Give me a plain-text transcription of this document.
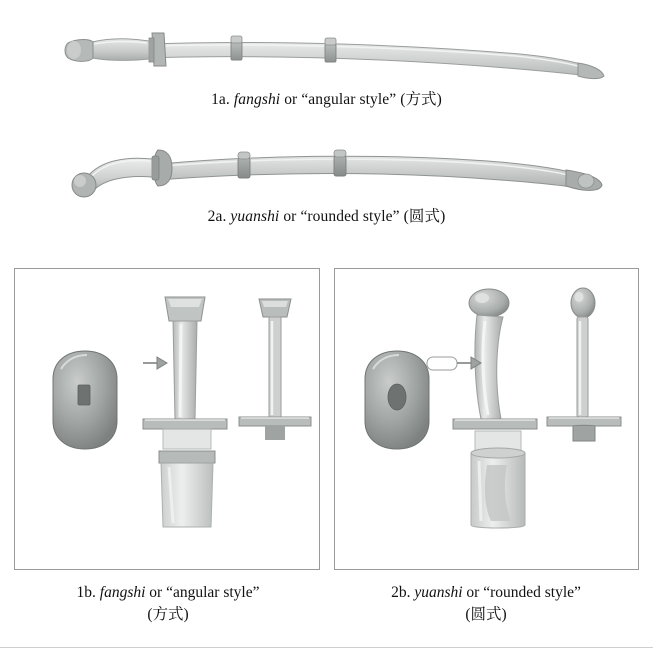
1a. fangshi or “angular style” (方式)
2a. yuanshi or “rounded style” (圆式)
1b. fangshi or “angular style”
(方式)
2b. yuanshi or “rounded style”
(圆式)
